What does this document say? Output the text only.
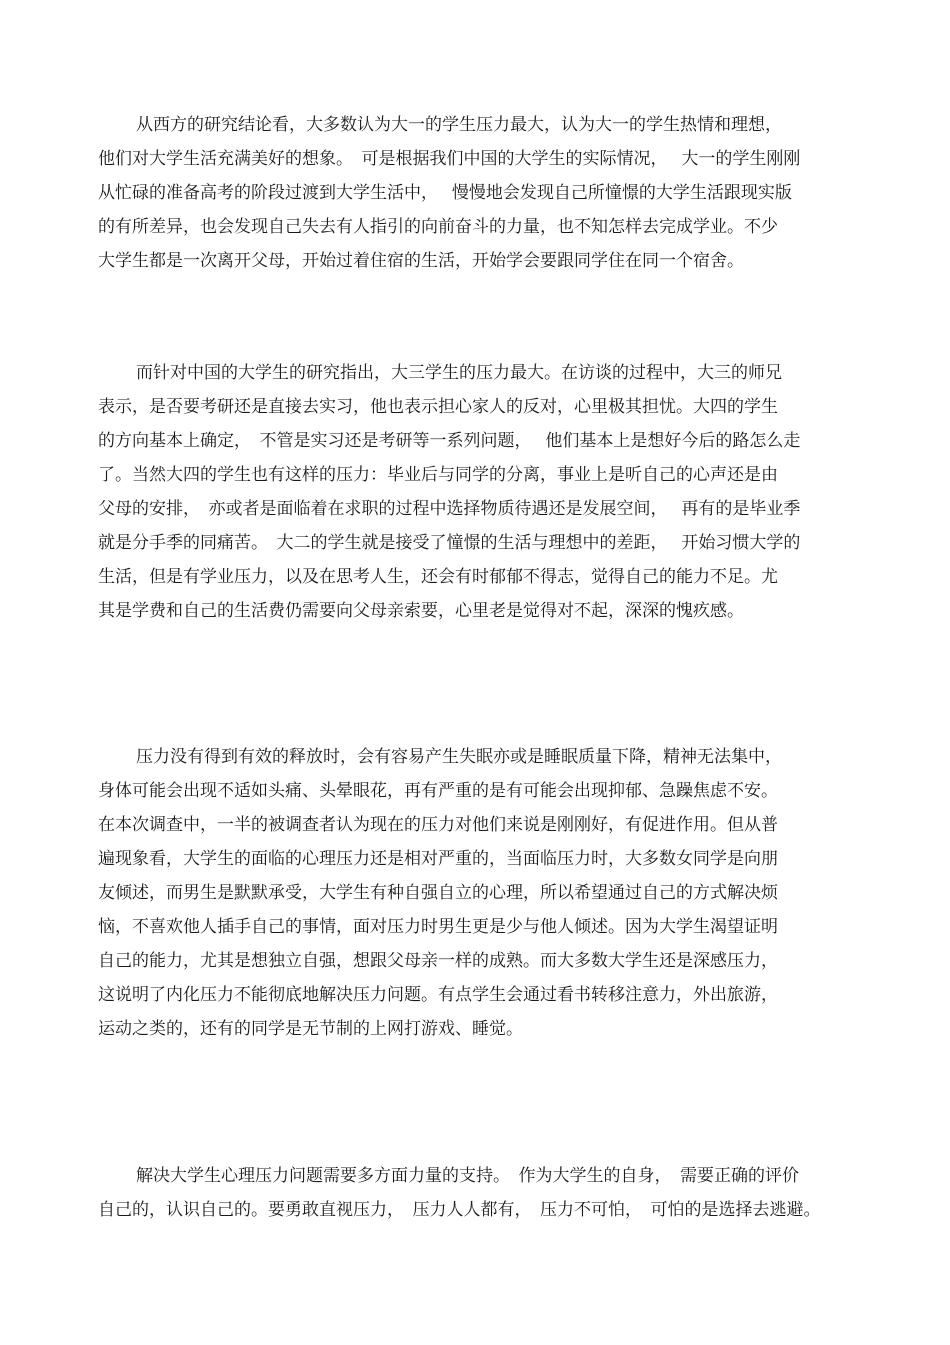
从西方的研究结论看，大多数认为大一的学生压力最大，认为大一的学生热情和理想，
他们对大学生活充满美好的想象。　可是根据我们中国的大学生的实际情况，　 大一的学生刚刚
从忙碌的准备高考的阶段过渡到大学生活中，　 慢慢地会发现自己所憧憬的大学生活跟现实版
的有所差异，也会发现自己失去有人指引的向前奋斗的力量，也不知怎样去完成学业。不少
大学生都是一次离开父母，开始过着住宿的生活，开始学会要跟同学住在同一个宿舍。
而针对中国的大学生的研究指出，大三学生的压力最大。在访谈的过程中，大三的师兄
表示，是否要考研还是直接去实习，他也表示担心家人的反对，心里极其担忧。大四的学生
的方向基本上确定，　不管是实习还是考研等一系列问题，　 他们基本上是想好今后的路怎么走
了。当然大四的学生也有这样的压力：毕业后与同学的分离，事业上是听自己的心声还是由
父母的安排，　亦或者是面临着在求职的过程中选择物质待遇还是发展空间，　 再有的是毕业季
就是分手季的同痛苦。　大二的学生就是接受了憧憬的生活与理想中的差距，　 开始习惯大学的
生活，但是有学业压力，以及在思考人生，还会有时郁郁不得志，觉得自己的能力不足。尤
其是学费和自己的生活费仍需要向父母亲索要，心里老是觉得对不起，深深的愧疚感。
压力没有得到有效的释放时，会有容易产生失眠亦或是睡眠质量下降，精神无法集中，
身体可能会出现不适如头痛、头晕眼花，再有严重的是有可能会出现抑郁、急躁焦虑不安。
在本次调查中，一半的被调查者认为现在的压力对他们来说是刚刚好，有促进作用。但从普
遍现象看，大学生的面临的心理压力还是相对严重的，当面临压力时，大多数女同学是向朋
友倾述，而男生是默默承受，大学生有种自强自立的心理，所以希望通过自己的方式解决烦
恼，不喜欢他人插手自己的事情，面对压力时男生更是少与他人倾述。因为大学生渴望证明
自己的能力，尤其是想独立自强，想跟父母亲一样的成熟。而大多数大学生还是深感压力，
这说明了内化压力不能彻底地解决压力问题。有点学生会通过看书转移注意力，外出旅游，
运动之类的，还有的同学是无节制的上网打游戏、睡觉。
解决大学生心理压力问题需要多方面力量的支持。　作为大学生的自身，　需要正确的评价
自己的，认识自己的。要勇敢直视压力，　压力人人都有，　压力不可怕，　可怕的是选择去逃避。
